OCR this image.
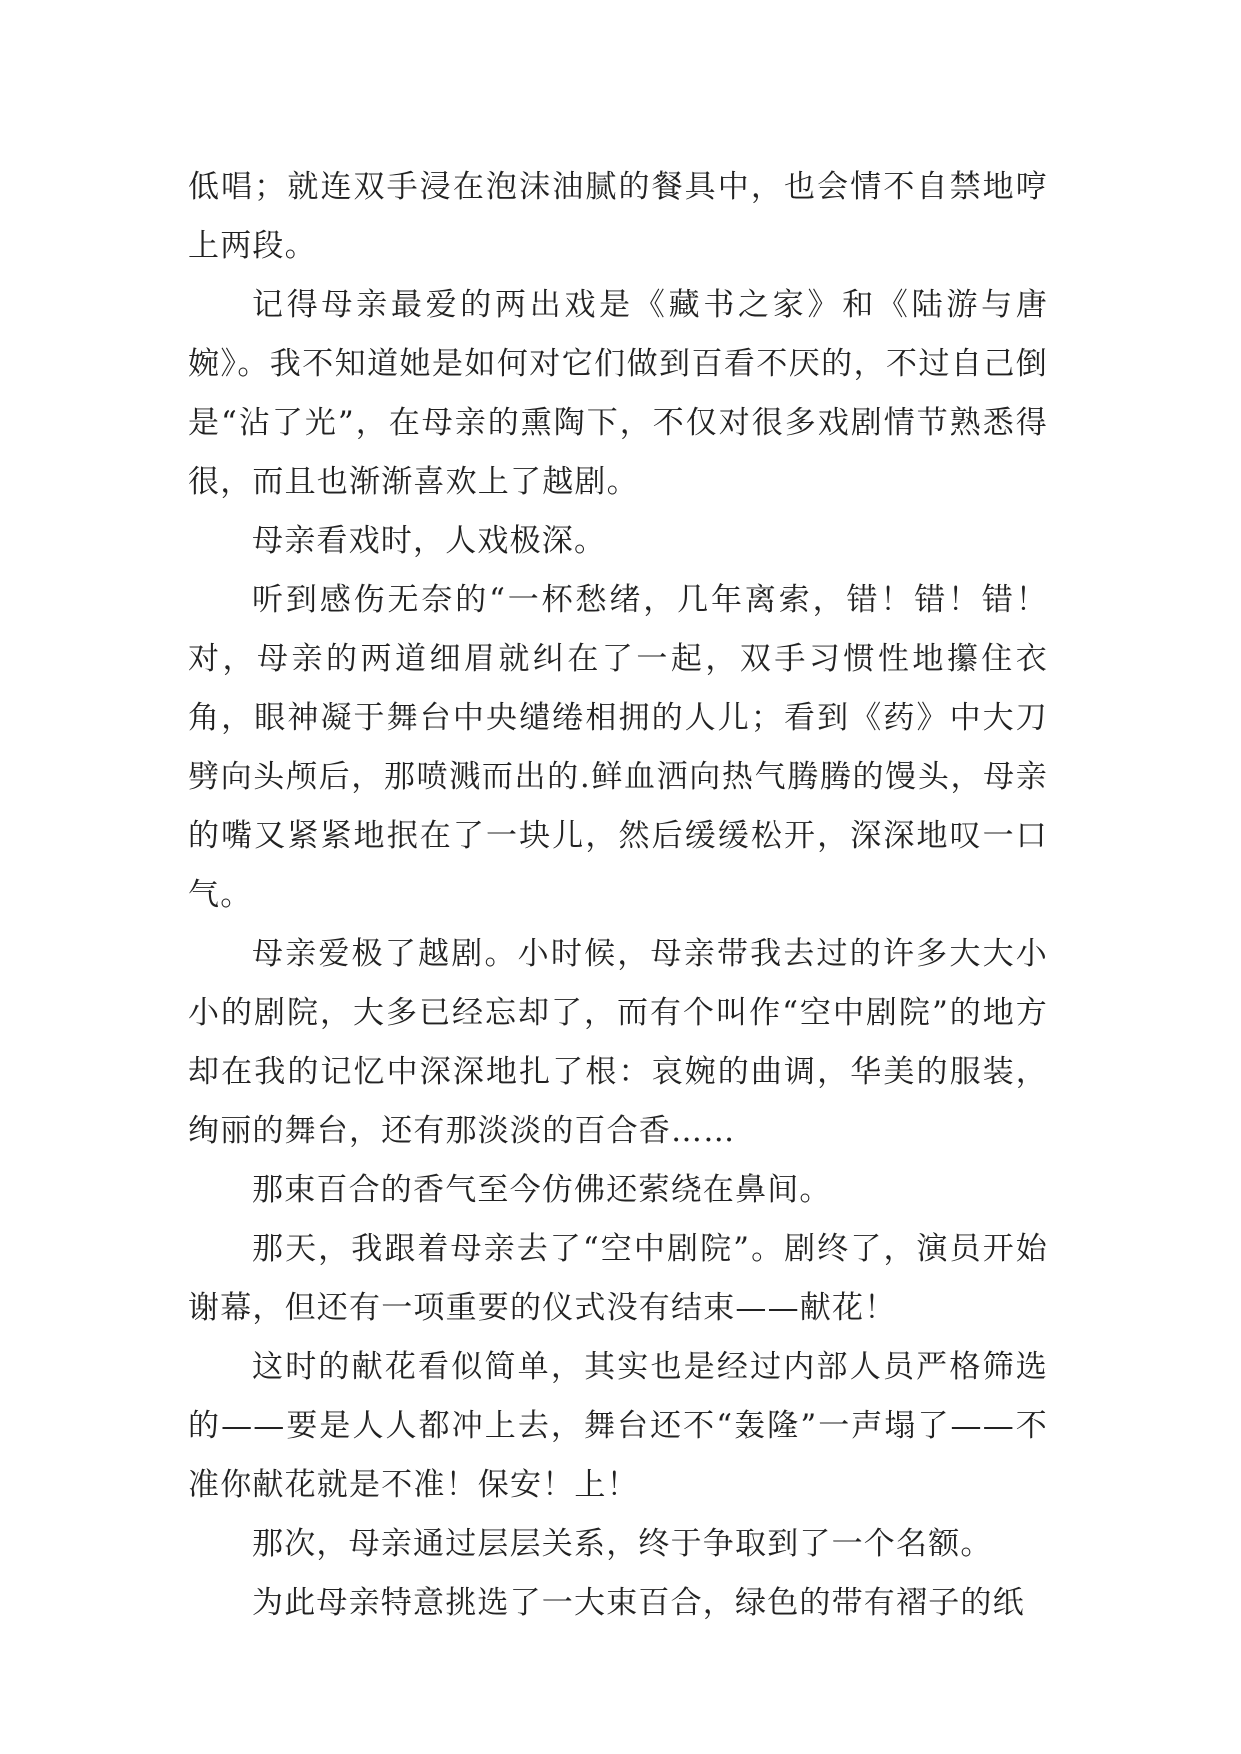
低唱；就连双手浸在泡沫油腻的餐具中，也会情不自禁地哼上两段。

记得母亲最爱的两出戏是《藏书之家》和《陆游与唐婉》。我不知道她是如何对它们做到百看不厌的，不过自己倒是“沾了光”，在母亲的熏陶下，不仅对很多戏剧情节熟悉得很，而且也渐渐喜欢上了越剧。

母亲看戏时，人戏极深。

听到感伤无奈的“一杯愁绪，几年离索，错！错！错！对，母亲的两道细眉就纠在了一起，双手习惯性地攥住衣角，眼神凝于舞台中央缱绻相拥的人儿；看到《药》中大刀劈向头颅后，那喷溅而出的.鲜血洒向热气腾腾的馒头，母亲的嘴又紧紧地抿在了一块儿，然后缓缓松开，深深地叹一口气。

母亲爱极了越剧。小时候，母亲带我去过的许多大大小小的剧院，大多已经忘却了，而有个叫作“空中剧院”的地方却在我的记忆中深深地扎了根：哀婉的曲调，华美的服装，绚丽的舞台，还有那淡淡的百合香……

那束百合的香气至今仿佛还萦绕在鼻间。

那天，我跟着母亲去了“空中剧院”。剧终了，演员开始谢幕，但还有一项重要的仪式没有结束——献花！

这时的献花看似简单，其实也是经过内部人员严格筛选的——要是人人都冲上去，舞台还不“轰隆”一声塌了——不准你献花就是不准！保安！上！

那次，母亲通过层层关系，终于争取到了一个名额。

为此母亲特意挑选了一大束百合，绿色的带有褶子的纸
